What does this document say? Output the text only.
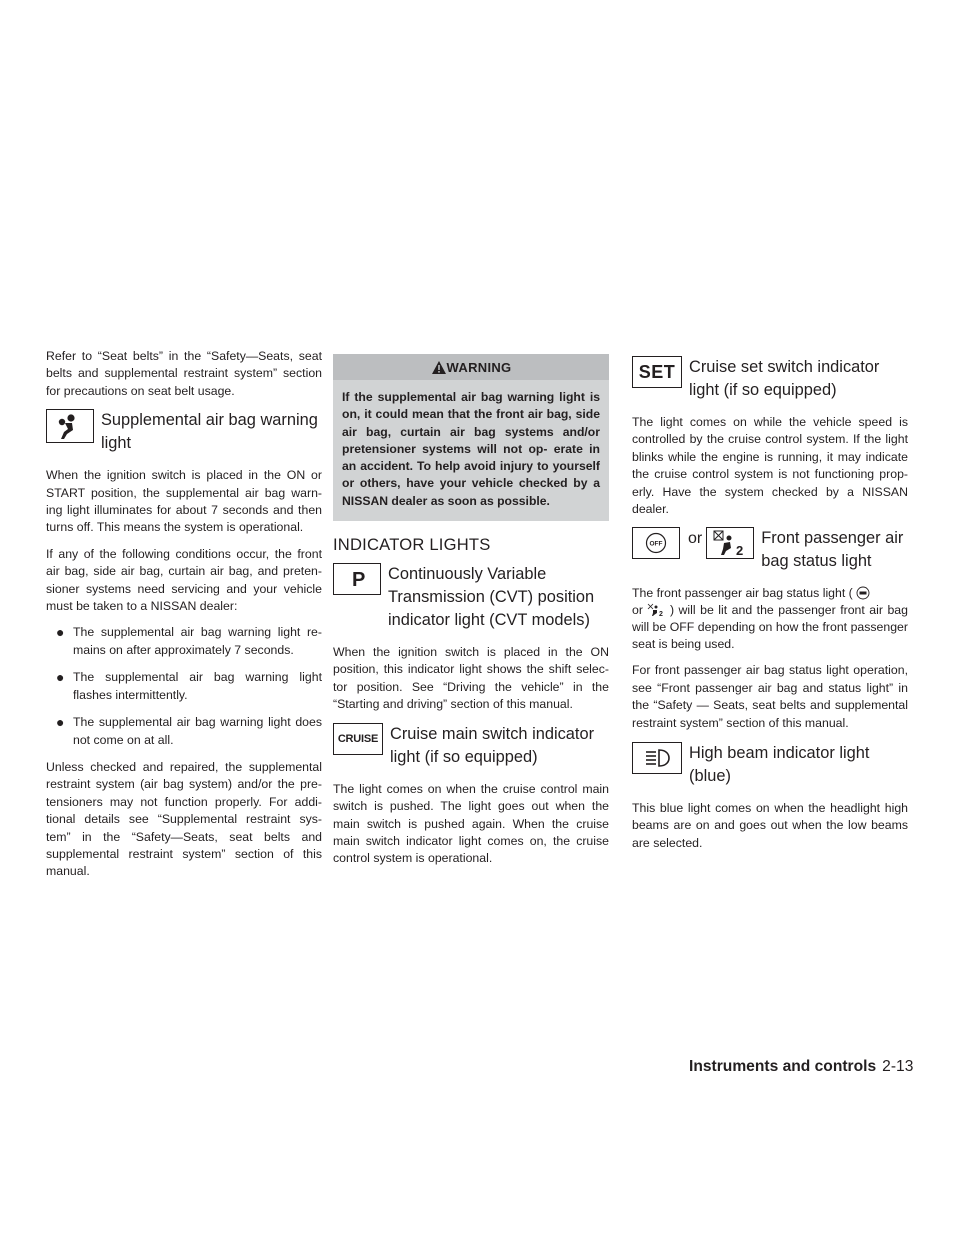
Refer to “Seat belts” in the “Safety—Seats, seat belts and supplemental restraint system” section for precautions on seat belt usage.

Supplemental air bag warning
light

When the ignition switch is placed in the ON or START position, the supplemental air bag warn- ing light illuminates for about 7 seconds and then turns off. This means the system is operational.

If any of the following conditions occur, the front air bag, side air bag, curtain air bag, and preten- sioner systems need servicing and your vehicle must be taken to a NISSAN dealer:

● The supplemental air bag warning light re- mains on after approximately 7 seconds.
● The supplemental air bag warning light flashes intermittently.
● The supplemental air bag warning light does not come on at all.

Unless checked and repaired, the supplemental restraint system (air bag system) and/or the pre- tensioners may not function properly. For addi- tional details see “Supplemental restraint sys- tem” in the “Safety—Seats, seat belts and supplemental restraint system” section of this manual.

WARNING
If the supplemental air bag warning light is on, it could mean that the front air bag, side air bag, curtain air bag systems and/or pretensioner systems will not op- erate in an accident. To help avoid injury to yourself or others, have your vehicle checked by a NISSAN dealer as soon as possible.
INDICATOR LIGHTS
P Continuously Variable
Transmission (CVT) position
indicator light (CVT models)

When the ignition switch is placed in the ON position, this indicator light shows the shift selec- tor position. See “Driving the vehicle” in the “Starting and driving” section of this manual.

CRUISE Cruise main switch indicator
light (if so equipped)

The light comes on when the cruise control main switch is pushed. The light goes out when the main switch is pushed again. When the cruise main switch indicator light comes on, the cruise control system is operational.

SET Cruise set switch indicator
light (if so equipped)

The light comes on while the vehicle speed is controlled by the cruise control system. If the light blinks while the engine is running, it may indicate the cruise control system is not functioning prop- erly. Have the system checked by a NISSAN dealer.

OFF or
2
Front passenger air
bag status light

The front passenger air bag status light (
or 2 ) will be lit and the passenger front air bag will be OFF depending on how the front passenger seat is being used.

For front passenger air bag status light operation, see “Front passenger air bag and status light” in the “Safety — Seats, seat belts and supplemental restraint system” section of this manual.

High beam indicator light
(blue)

This blue light comes on when the headlight high beams are on and goes out when the low beams are selected.

Instruments and controls 2-13
